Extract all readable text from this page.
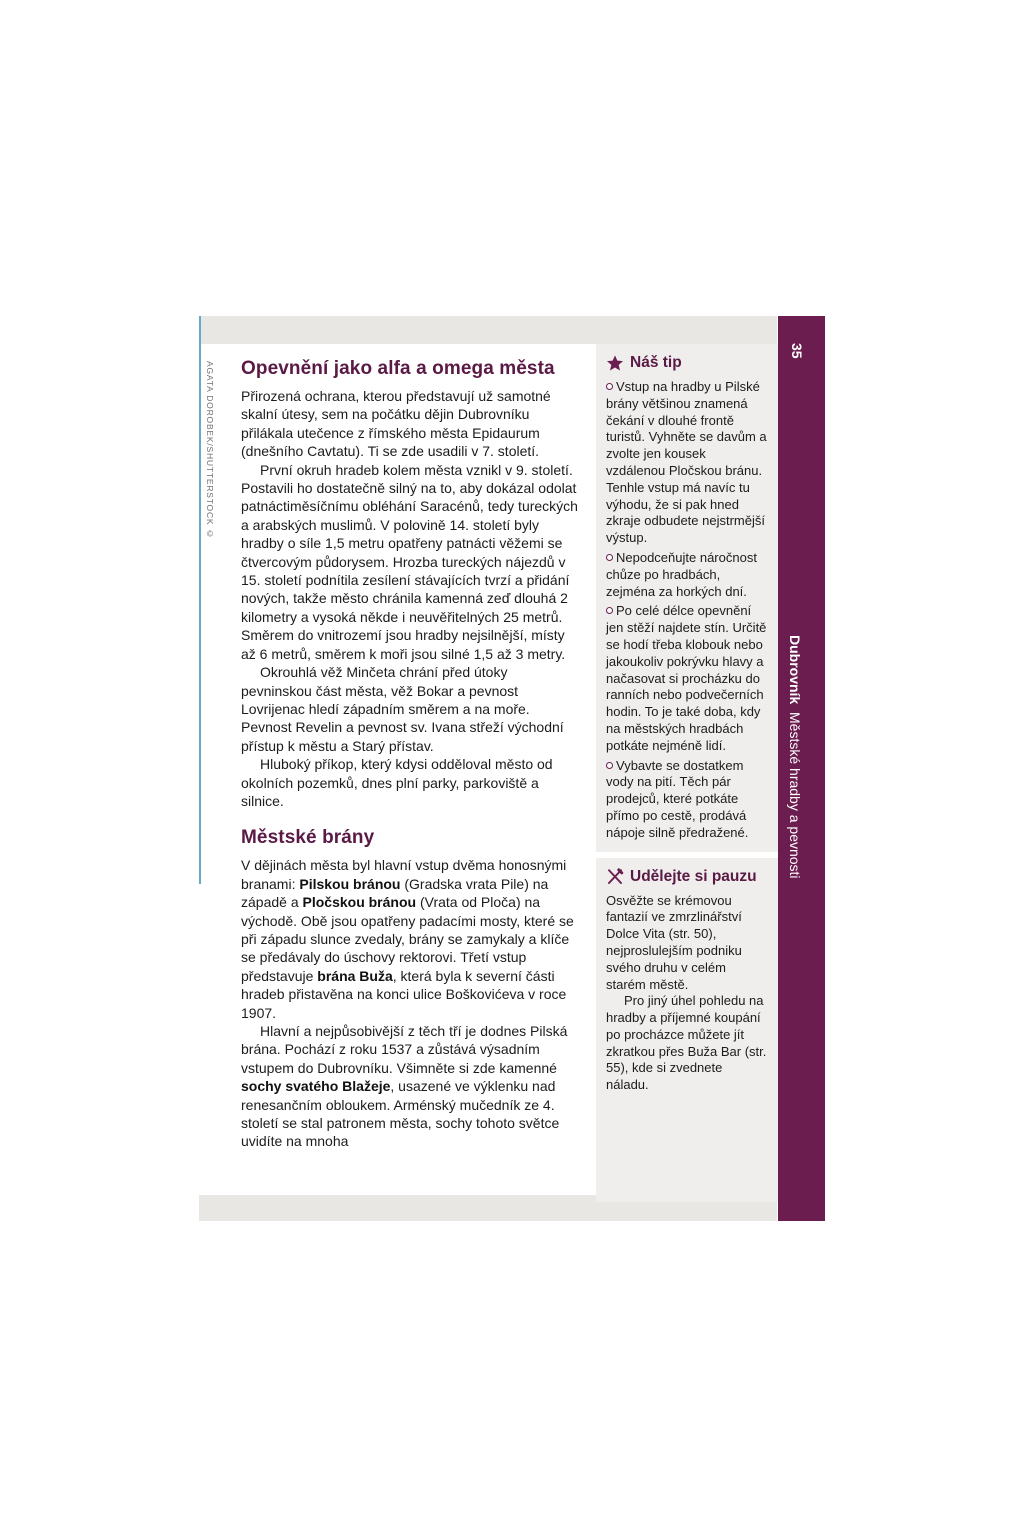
AGATA DOROBEK/SHUTTERSTOCK © Opevnění jako alfa a omega města

Přirozená ochrana, kterou představují už samotné skalní útesy, sem na počátku dějin Dubrovníku přilákala utečence z římského města Epidaurum (dnešního Cavtatu). Ti se zde usadili v 7. století.

První okruh hradeb kolem města vznikl v 9. století. Postavili ho dostatečně silný na to, aby dokázal odolat patnáctiměsíčnímu obléhání Saracénů, tedy tureckých a arabských muslimů. V polovině 14. století byly hradby o síle 1,5 metru opatřeny patnácti věžemi se čtvercovým půdorysem. Hrozba tureckých nájezdů v 15. století podnítila zesílení stávajících tvrzí a přidání nových, takže město chránila kamenná zeď dlouhá 2 kilometry a vysoká někde i neuvěřitelných 25 metrů. Směrem do vnitrozemí jsou hradby nejsilnější, místy až 6 metrů, směrem k moři jsou silné 1,5 až 3 metry.

Okrouhlá věž Minčeta chrání před útoky pevninskou část města, věž Bokar a pevnost Lovrijenac hledí západním směrem a na moře. Pevnost Revelin a pevnost sv. Ivana střeží východní přístup k městu a Starý přístav.

Hluboký příkop, který kdysi odděloval město od okolních pozemků, dnes plní parky, parkoviště a silnice.

Městské brány

V dějinách města byl hlavní vstup dvěma honosnými branami: Pilskou bránou (Gradska vrata Pile) na západě a Pločskou bránou (Vrata od Ploča) na východě. Obě jsou opatřeny padacími mosty, které se při západu slunce zvedaly, brány se zamykaly a klíče se předávaly do úschovy rektorovi. Třetí vstup představuje brána Buža, která byla k severní části hradeb přistavěna na konci ulice Boškovićeva v roce 1907.

Hlavní a nejpůsobivější z těch tří je dodnes Pilská brána. Pochází z roku 1537 a zůstává výsadním vstupem do Dubrovníku. Všimněte si zde kamenné sochy svatého Blažeje, usazené ve výklenku nad renesančním obloukem. Arménský mučedník ze 4. století se stal patronem města, sochy tohoto světce uvidíte na mnoha

Náš tip

Vstup na hradby u Pilské brány většinou znamená čekání v dlouhé frontě turistů. Vyhněte se davům a zvolte jen kousek vzdálenou Pločskou bránu. Tenhle vstup má navíc tu výhodu, že si pak hned zkraje odbudete nejstrmější výstup.

Nepodceňujte náročnost chůze po hradbách, zejména za horkých dní.

Po celé délce opevnění jen stěží najdete stín. Určitě se hodí třeba klobouk nebo jakoukoliv pokrývku hlavy a načasovat si procházku do ranních nebo podvečerních hodin. To je také doba, kdy na městských hradbách potkáte nejméně lidí.

Vybavte se dostatkem vody na pití. Těch pár prodejců, které potkáte přímo po cestě, prodává nápoje silně předražené.

Udělejte si pauzu

Osvěžte se krémovou fantazií ve zmrzlinářství Dolce Vita (str. 50), nejproslulejším podniku svého druhu v celém starém městě.

Pro jiný úhel pohledu na hradby a příjemné koupání po procházce můžete jít zkratkou přes Buža Bar (str. 55), kde si zvednete náladu.

35
Dubrovník  Městské hradby a pevnosti
